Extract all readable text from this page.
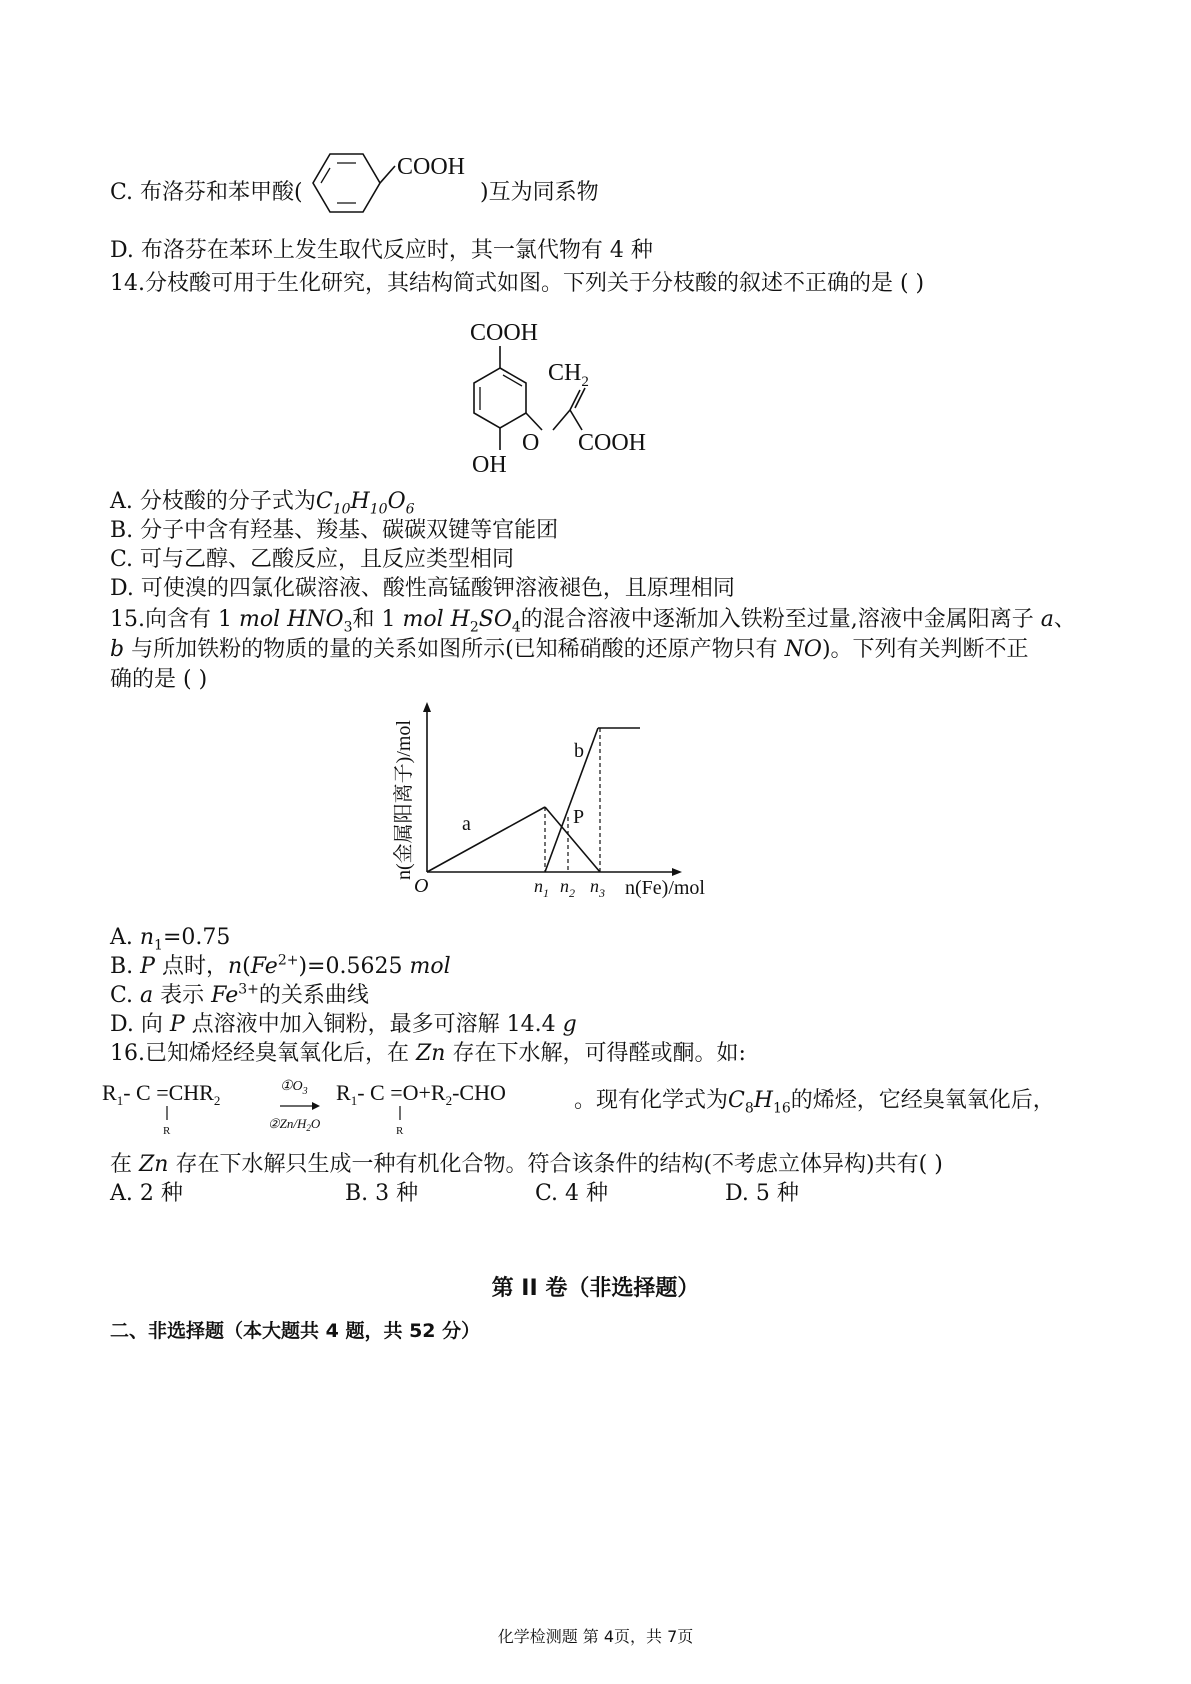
C. 布洛芬和苯甲酸(
COOH
)互为同系物
D. 布洛芬在苯环上发生取代反应时，其一氯代物有 4 种
14.分枝酸可用于生化研究，其结构简式如图。下列关于分枝酸的叙述不正确的是 ( )
COOH
OH
O
$CH_2$
COOH
A. 分枝酸的分子式为$C_{10}H_{10}O_6$
B. 分子中含有羟基、羧基、碳碳双键等官能团
C. 可与乙醇、乙酸反应，且反应类型相同
D. 可使溴的四氯化碳溶液、酸性高锰酸钾溶液褪色，且原理相同
15.向含有 1 mol $HNO_3$和 1 mol $H_2SO_4$的混合溶液中逐渐加入铁粉至过量,溶液中金属阳离子 a、
b 与所加铁粉的物质的量的关系如图所示(已知稀硝酸的还原产物只有 NO)。下列有关判断不正
确的是 ( )
a
b
P
O	$n_1$ $n_2$ $n_3$ n(Fe)/mol
n(金属阳离子)/mol
A. $n_1=0.75$
B. P 点时，$n(Fe^{2+})=0.5625$ mol
C. a 表示 $Fe^{3+}$的关系曲线
D. 向 P 点溶液中加入铜粉，最多可溶解 14.4 g
16.已知烯烃经臭氧氧化后，在 Zn 存在下水解，可得醛或酮。如:
$R_1-$ $C =CHR_2$
R
$①O_3$
②Zn/$H_2O$
$R_1-$ $C =O+R_2$-CHO
R
。现有化学式为$C_8H_{16}$的烯烃，它经臭氧氧化后，
在 Zn 存在下水解只生成一种有机化合物。符合该条件的结构(不考虑立体异构)共有( )
A. 2 种	B. 3 种	C. 4 种	D. 5 种
第 II 卷（非选择题）
二、非选择题（本大题共 4 题，共 52 分）
化学检测题 第 4页，共 7页
